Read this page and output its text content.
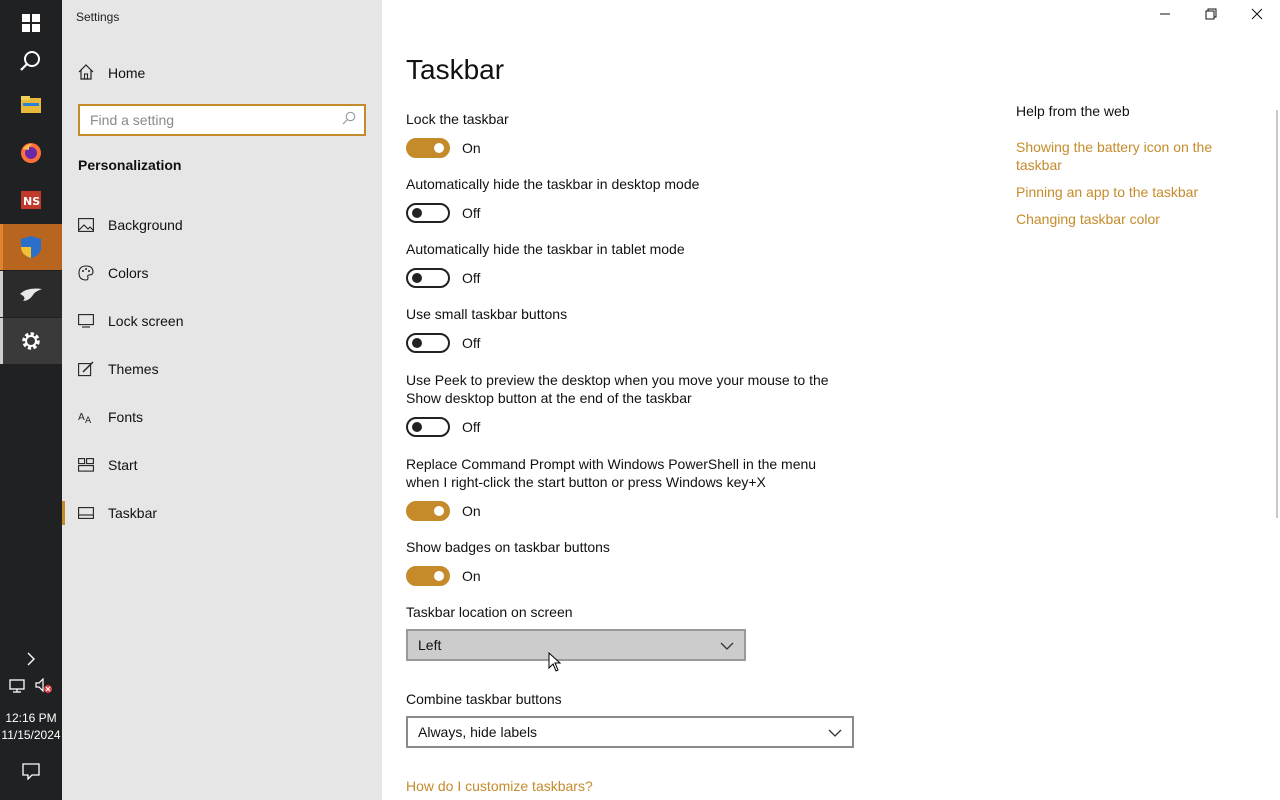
NS
12:16 PM
11/15/2024
Settings
Home
Find a setting
Personalization
Background
Colors
Lock screen
Themes
A A Fonts
Start
Taskbar
Taskbar
Lock the taskbar
On
Automatically hide the taskbar in desktop mode
Off
Automatically hide the taskbar in tablet mode
Off
Use small taskbar buttons
Off
Use Peek to preview the desktop when you move your mouse to the Show desktop button at the end of the taskbar
Off
Replace Command Prompt with Windows PowerShell in the menu when I right-click the start button or press Windows key+X
On
Show badges on taskbar buttons
On
Taskbar location on screen
Left
Combine taskbar buttons
Always, hide labels
How do I customize taskbars?
Help from the web
Showing the battery icon on the taskbar
Pinning an app to the taskbar
Changing taskbar color
